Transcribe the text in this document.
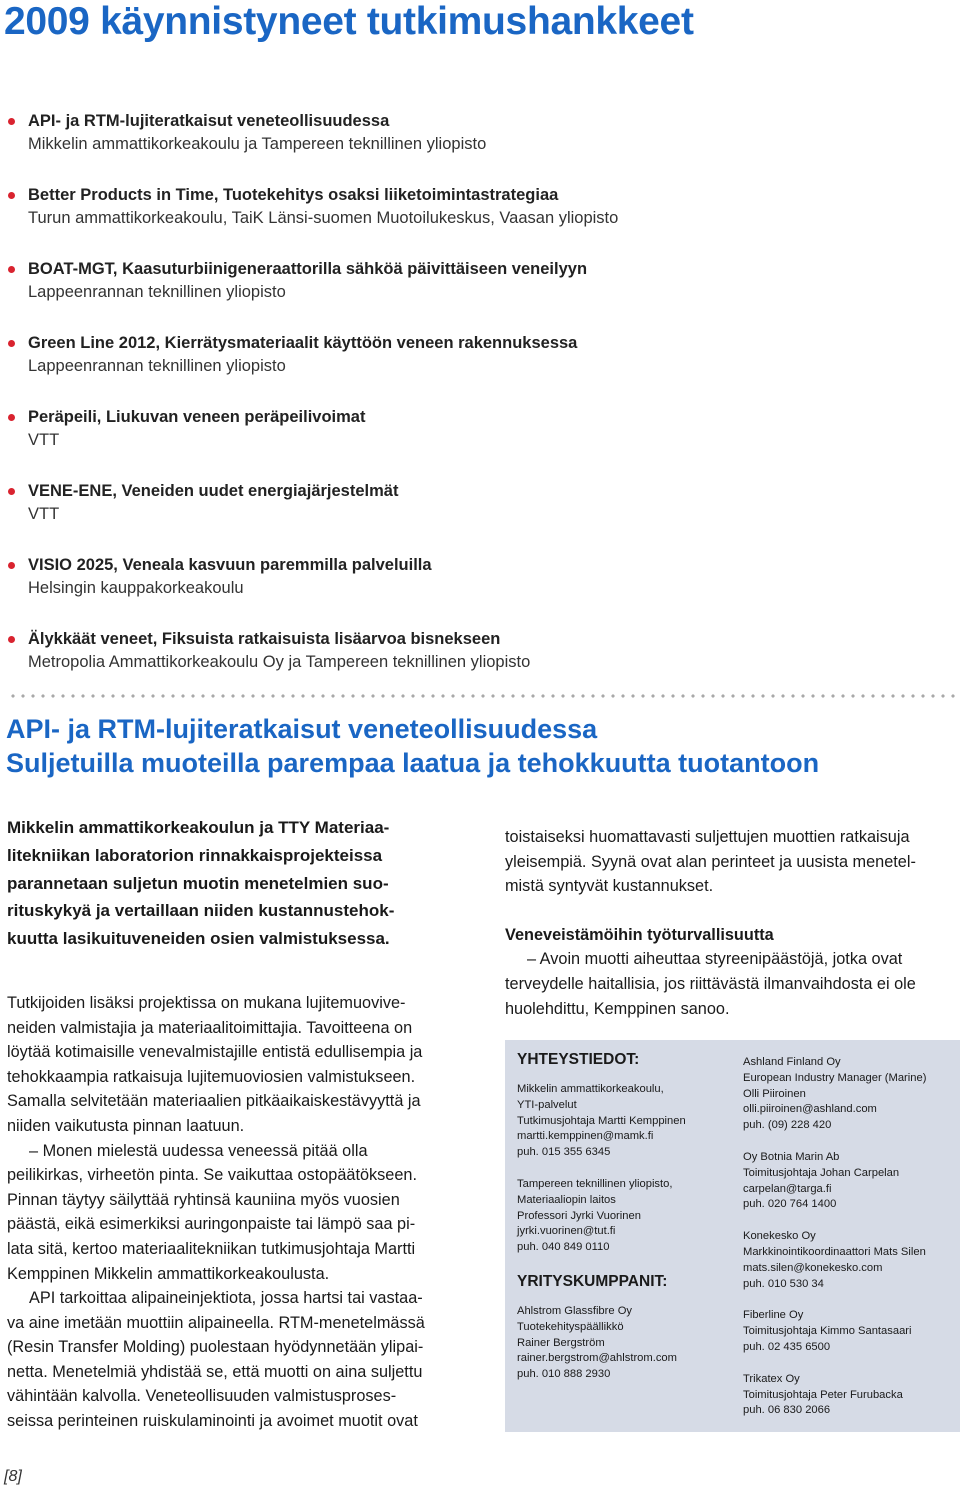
2009 käynnistyneet tutkimushankkeet
API- ja RTM-lujiteratkaisut veneteollisuudessa
Mikkelin ammattikorkeakoulu ja Tampereen teknillinen yliopisto
Better Products in Time, Tuotekehitys osaksi liiketoimintastrategiaa
Turun ammattikorkeakoulu, TaiK Länsi-suomen Muotoilukeskus, Vaasan yliopisto
BOAT-MGT, Kaasuturbiinigeneraattorilla sähköä päivittäiseen veneilyyn
Lappeenrannan teknillinen yliopisto
Green Line 2012, Kierrätysmateriaalit käyttöön veneen rakennuksessa
Lappeenrannan teknillinen yliopisto
Peräpeili, Liukuvan veneen peräpeilivoimat
VTT
VENE-ENE, Veneiden uudet energiajärjestelmät
VTT
VISIO 2025, Veneala kasvuun paremmilla palveluilla
Helsingin kauppakorkeakoulu
Älykkäät veneet, Fiksuista ratkaisuista lisäarvoa bisnekseen
Metropolia Ammattikorkeakoulu Oy ja Tampereen teknillinen yliopisto
API- ja RTM-lujiteratkaisut veneteollisuudessa
Suljetuilla muoteilla parempaa laatua ja tehokkuutta tuotantoon

Mikkelin ammattikorkeakoulun ja TTY Materiaa-
litekniikan laboratorion rinnakkaisprojekteissa
parannetaan suljetun muotin menetelmien suo-
rituskykyä ja vertaillaan niiden kustannustehok-
kuutta lasikuituveneiden osien valmistuksessa.

Tutkijoiden lisäksi projektissa on mukana lujitemuovive-
neiden valmistajia ja materiaalitoimittajia. Tavoitteena on
löytää kotimaisille venevalmistajille entistä edullisempia ja
tehokkaampia ratkaisuja lujitemuoviosien valmistukseen.
Samalla selvitetään materiaalien pitkäaikaiskestävyyttä ja
niiden vaikutusta pinnan laatuun.

– Monen mielestä uudessa veneessä pitää olla
peilikirkas, virheetön pinta. Se vaikuttaa ostopäätökseen.
Pinnan täytyy säilyttää ryhtinsä kauniina myös vuosien
päästä, eikä esimerkiksi auringonpaiste tai lämpö saa pi-
lata sitä, kertoo materiaalitekniikan tutkimusjohtaja Martti
Kemppinen Mikkelin ammattikorkeakoulusta.

API tarkoittaa alipaineinjektiota, jossa hartsi tai vastaa-
va aine imetään muottiin alipaineella. RTM-menetelmässä
(Resin Transfer Molding) puolestaan hyödynnetään ylipai-
netta. Menetelmiä yhdistää se, että muotti on aina suljettu
vähintään kalvolla. Veneteollisuuden valmistusproses-
seissa perinteinen ruiskulaminointi ja avoimet muotit ovat

toistaiseksi huomattavasti suljettujen muottien ratkaisuja
yleisempiä. Syynä ovat alan perinteet ja uusista menetel-
mistä syntyvät kustannukset.

Veneveistämöihin työturvallisuutta

– Avoin muotti aiheuttaa styreenipäästöjä, jotka ovat
terveydelle haitallisia, jos riittävästä ilmanvaihdosta ei ole
huolehdittu, Kemppinen sanoo.

YHTEYSTIEDOT:

Mikkelin ammattikorkeakoulu,
YTI-palvelut
Tutkimusjohtaja Martti Kemppinen
martti.kemppinen@mamk.fi
puh. 015 355 6345
Tampereen teknillinen yliopisto,
Materiaaliopin laitos
Professori Jyrki Vuorinen
jyrki.vuorinen@tut.fi
puh. 040 849 0110

YRITYSKUMPPANIT:

Ahlstrom Glassfibre Oy
Tuotekehityspäällikkö
Rainer Bergström
rainer.bergstrom@ahlstrom.com
puh. 010 888 2930
Ashland Finland Oy
European Industry Manager (Marine)
Olli Piiroinen
olli.piiroinen@ashland.com
puh. (09) 228 420
Oy Botnia Marin Ab
Toimitusjohtaja Johan Carpelan
carpelan@targa.fi
puh. 020 764 1400
Konekesko Oy
Markkinointikoordinaattori Mats Silen
mats.silen@konekesko.com
puh. 010 530 34
Fiberline Oy
Toimitusjohtaja Kimmo Santasaari
puh. 02 435 6500
Trikatex Oy
Toimitusjohtaja Peter Furubacka
puh. 06 830 2066
[8]
